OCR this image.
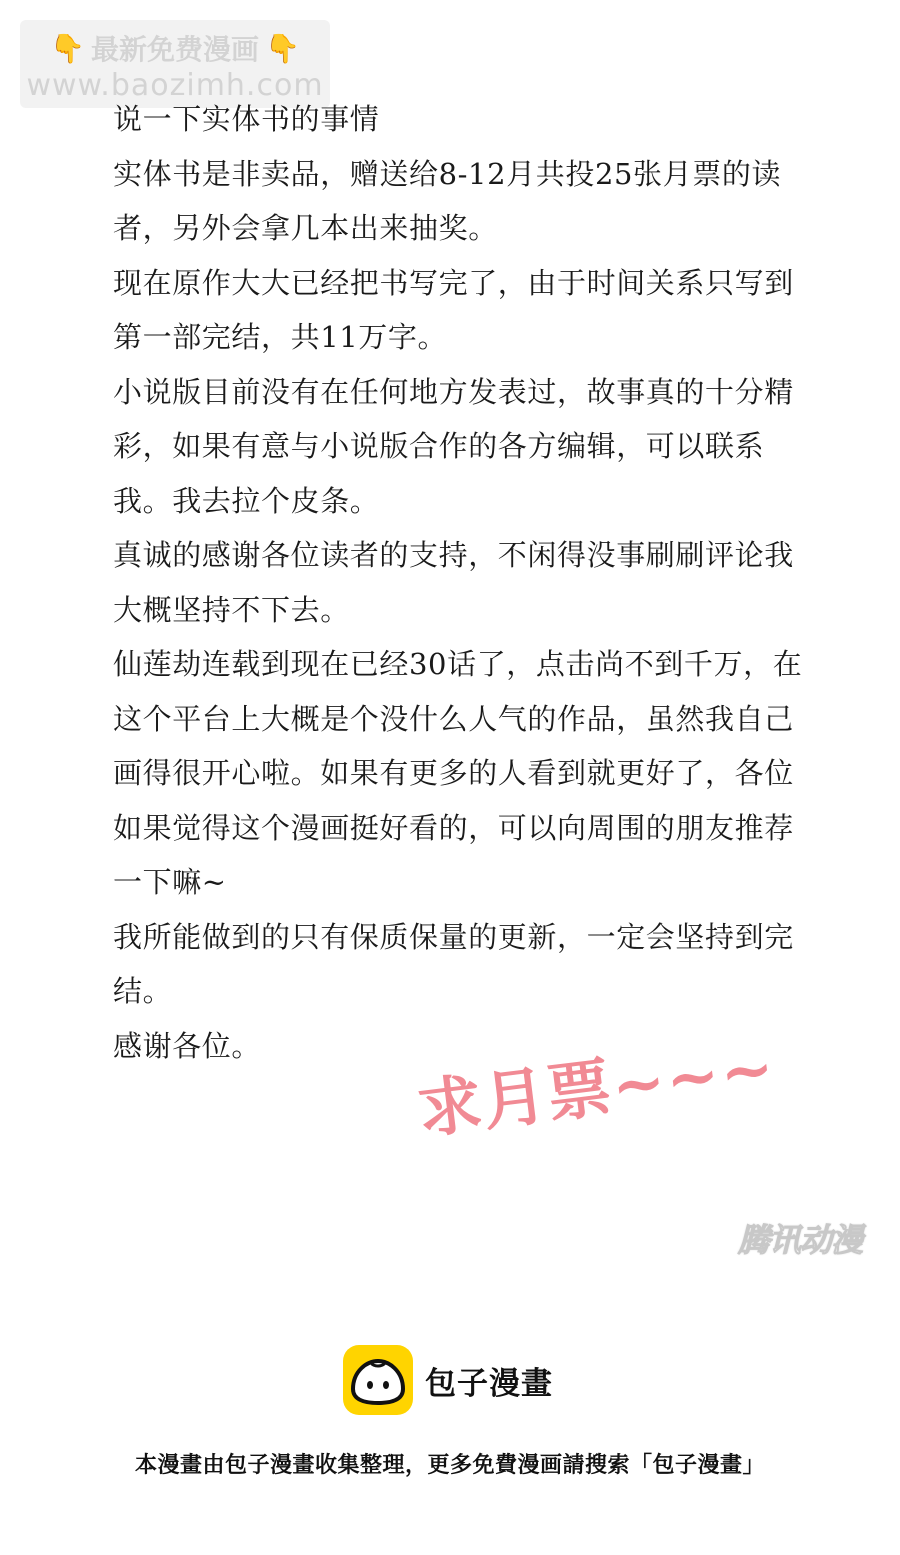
👇 最新免费漫画 👇
www.baozimh.com

说一下实体书的事情

实体书是非卖品，赠送给8-12月共投25张月票的读者，另外会拿几本出来抽奖。

现在原作大大已经把书写完了，由于时间关系只写到第一部完结，共11万字。

小说版目前没有在任何地方发表过，故事真的十分精彩，如果有意与小说版合作的各方编辑，可以联系我。我去拉个皮条。

真诚的感谢各位读者的支持，不闲得没事刷刷评论我大概坚持不下去。

仙莲劫连载到现在已经30话了，点击尚不到千万，在这个平台上大概是个没什么人气的作品，虽然我自己画得很开心啦。如果有更多的人看到就更好了，各位如果觉得这个漫画挺好看的，可以向周围的朋友推荐一下嘛~

我所能做到的只有保质保量的更新，一定会坚持到完结。

感谢各位。	求月票~~~
腾讯动漫
包子漫畫
本漫畫由包子漫畫收集整理，更多免費漫画請搜索「包子漫畫」
